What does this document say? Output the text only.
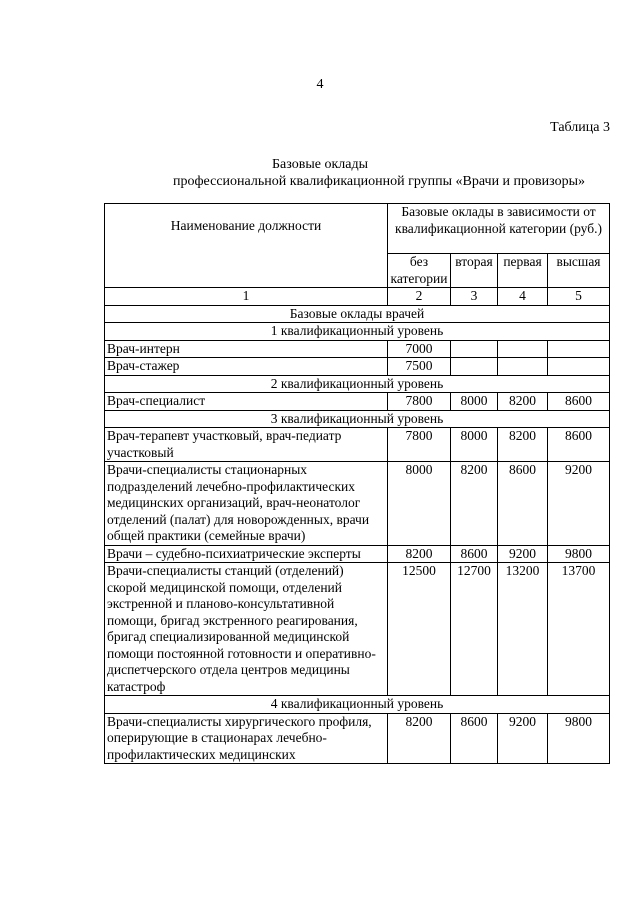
4
Таблица 3
Базовые оклады
профессиональной квалификационной группы «Врачи и провизоры»
Наименование должности	Базовые оклады в зависимости от квалификационной категории (руб.)			
	без категории	вторая	первая	высшая
1	2	3	4	5
Базовые оклады врачей				
1 квалификационный уровень				
Врач-интерн	7000			
Врач-стажер	7500			
2 квалификационный уровень				
Врач-специалист	7800	8000	8200	8600
3 квалификационный уровень				
Врач-терапевт участковый, врач-педиатр участковый	7800	8000	8200	8600
Врачи-специалисты стационарных подразделений лечебно-профилактических медицинских организаций, врач-неонатолог отделений (палат) для новорожденных, врачи общей практики (семейные врачи)	8000	8200	8600	9200
Врачи – судебно-психиатрические эксперты	8200	8600	9200	9800
Врачи-специалисты станций (отделений) скорой медицинской помощи, отделений экстренной и планово-консультативной помощи, бригад экстренного реагирования, бригад специализированной медицинской помощи постоянной готовности и оперативно-диспетчерского отдела центров медицины катастроф	12500	12700	13200	13700
4 квалификационный уровень				
Врачи-специалисты хирургического профиля, оперирующие в стационарах лечебно-профилактических медицинских	8200	8600	9200	9800
